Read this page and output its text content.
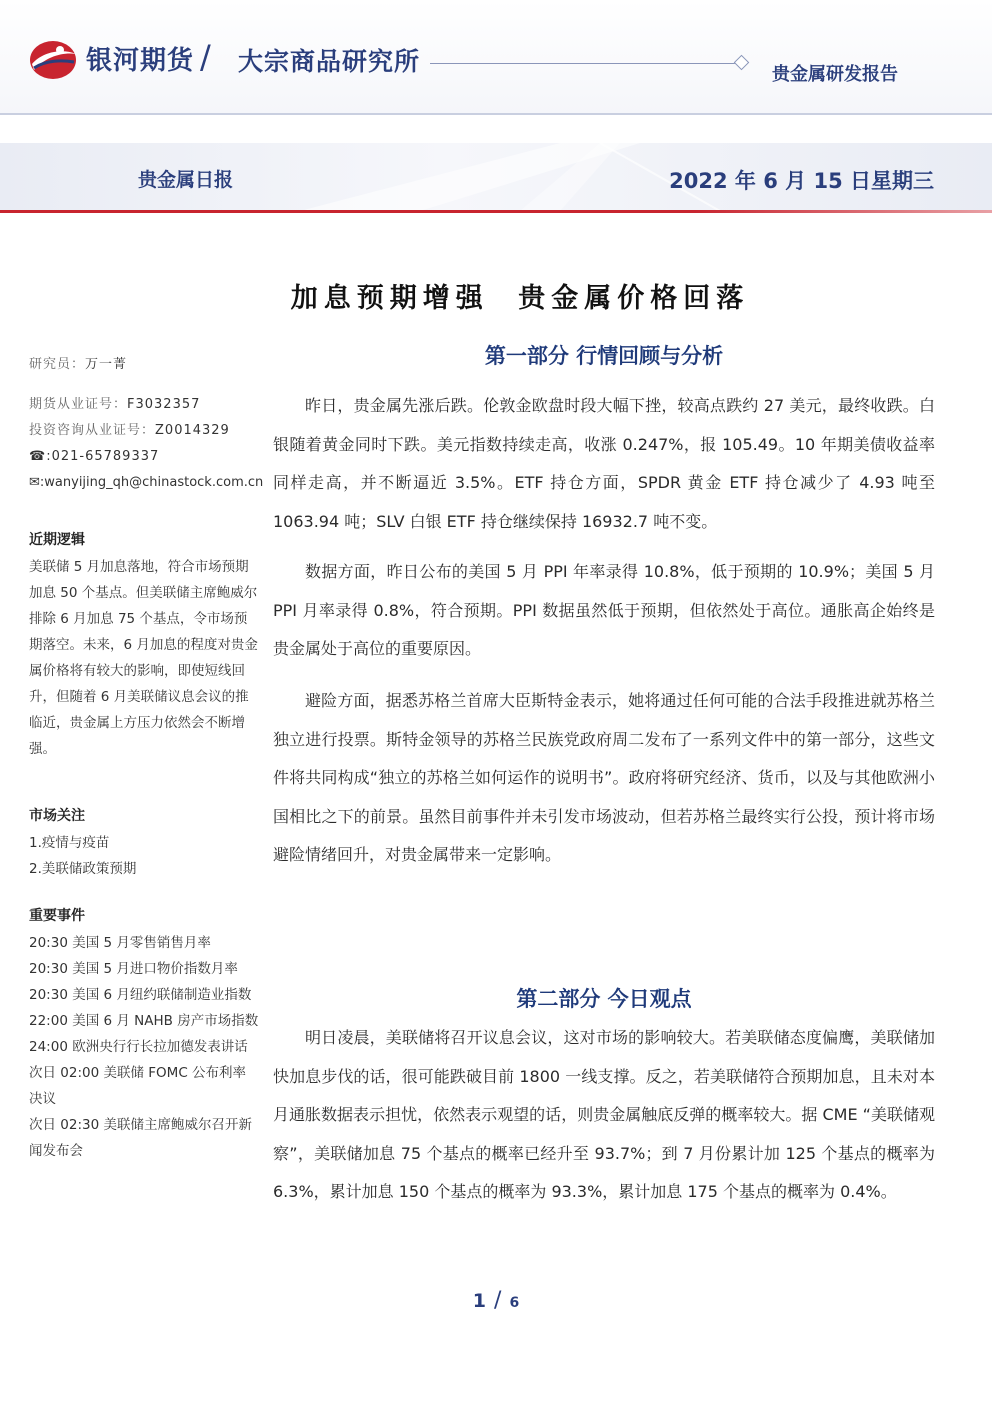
银河期货 / 大宗商品研究所	贵金属研发报告
贵金属日报	2022 年 6 月 15 日星期三
加息预期增强 贵金属价格回落
研究员：万一菁
期货从业证号：F3032357
投资咨询从业证号：Z0014329
☎:021-65789337
✉:wanyijing_qh@chinastock.com.cn
近期逻辑
美联储 5 月加息落地，符合市场预期加息 50 个基点。但美联储主席鲍威尔排除 6 月加息 75 个基点，令市场预期落空。未来，6 月加息的程度对贵金属价格将有较大的影响，即使短线回升，但随着 6 月美联储议息会议的推临近，贵金属上方压力依然会不断增强。
市场关注
1.疫情与疫苗
2.美联储政策预期
重要事件
20:30 美国 5 月零售销售月率
20:30 美国 5 月进口物价指数月率
20:30 美国 6 月纽约联储制造业指数
22:00 美国 6 月 NAHB 房产市场指数
24:00 欧洲央行行长拉加德发表讲话
次日 02:00 美联储 FOMC 公布利率决议
次日 02:30 美联储主席鲍威尔召开新闻发布会
第一部分 行情回顾与分析
昨日，贵金属先涨后跌。伦敦金欧盘时段大幅下挫，较高点跌约 27 美元，最终收跌。白银随着黄金同时下跌。美元指数持续走高，收涨 0.247%，报 105.49。10 年期美债收益率同样走高，并不断逼近 3.5%。ETF 持仓方面，SPDR 黄金 ETF 持仓减少了 4.93 吨至 1063.94 吨；SLV 白银 ETF 持仓继续保持 16932.7 吨不变。
数据方面，昨日公布的美国 5 月 PPI 年率录得 10.8%，低于预期的 10.9%；美国 5 月 PPI 月率录得 0.8%，符合预期。PPI 数据虽然低于预期，但依然处于高位。通胀高企始终是贵金属处于高位的重要原因。
避险方面，据悉苏格兰首席大臣斯特金表示，她将通过任何可能的合法手段推进就苏格兰独立进行投票。斯特金领导的苏格兰民族党政府周二发布了一系列文件中的第一部分，这些文件将共同构成“独立的苏格兰如何运作的说明书”。政府将研究经济、货币，以及与其他欧洲小国相比之下的前景。虽然目前事件并未引发市场波动，但若苏格兰最终实行公投，预计将市场避险情绪回升，对贵金属带来一定影响。
第二部分 今日观点
明日凌晨，美联储将召开议息会议，这对市场的影响较大。若美联储态度偏鹰，美联储加快加息步伐的话，很可能跌破目前 1800 一线支撑。反之，若美联储符合预期加息，且未对本月通胀数据表示担忧，依然表示观望的话，则贵金属触底反弹的概率较大。据 CME “美联储观察”，美联储加息 75 个基点的概率已经升至 93.7%；到 7 月份累计加 125 个基点的概率为 6.3%，累计加息 150 个基点的概率为 93.3%，累计加息 175 个基点的概率为 0.4%。
1 / 6
